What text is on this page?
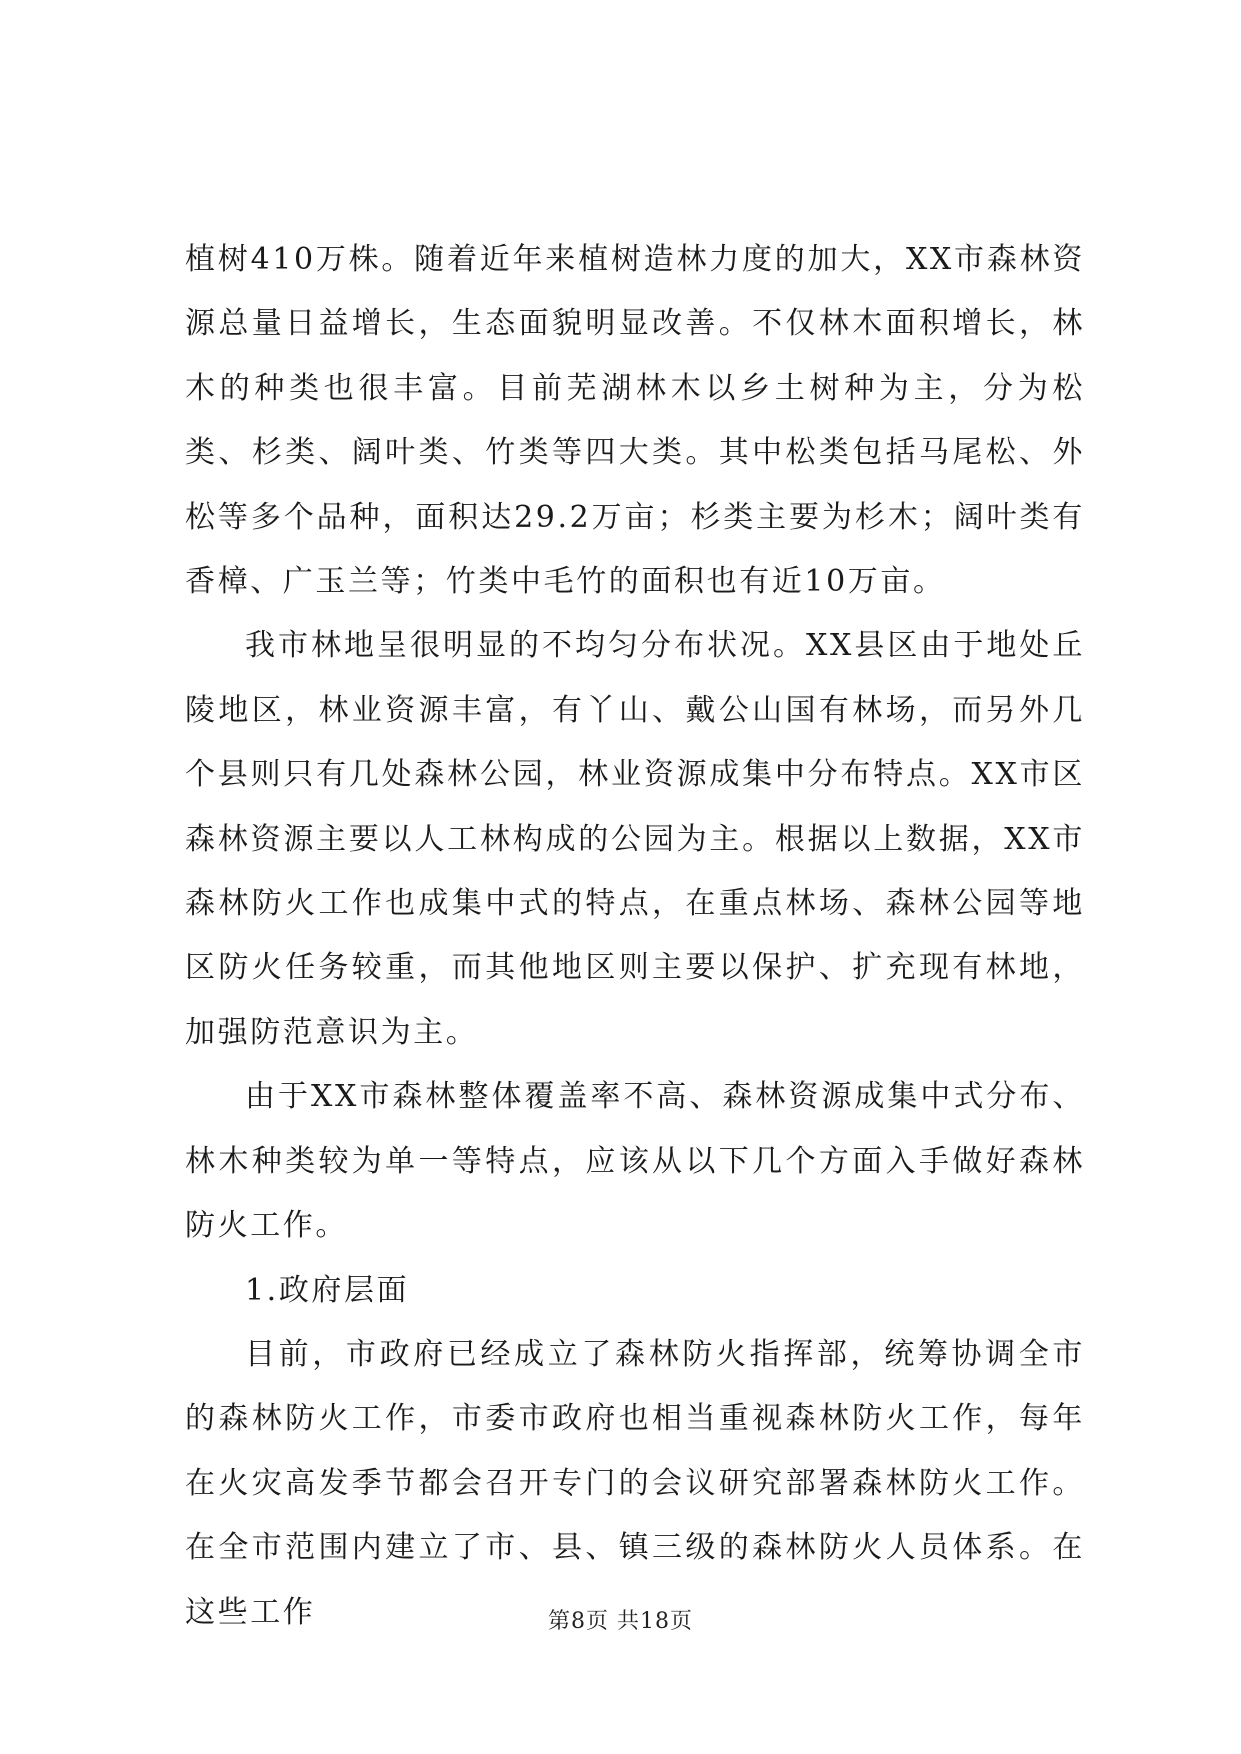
植树410万株。随着近年来植树造林力度的加大，XX市森林资源总量日益增长，生态面貌明显改善。不仅林木面积增长，林木的种类也很丰富。目前芜湖林木以乡土树种为主，分为松类、杉类、阔叶类、竹类等四大类。其中松类包括马尾松、外松等多个品种，面积达29.2万亩；杉类主要为杉木；阔叶类有香樟、广玉兰等；竹类中毛竹的面积也有近10万亩。

我市林地呈很明显的不均匀分布状况。XX县区由于地处丘陵地区，林业资源丰富，有丫山、戴公山国有林场，而另外几个县则只有几处森林公园，林业资源成集中分布特点。XX市区森林资源主要以人工林构成的公园为主。根据以上数据，XX市森林防火工作也成集中式的特点，在重点林场、森林公园等地区防火任务较重，而其他地区则主要以保护、扩充现有林地，加强防范意识为主。

由于XX市森林整体覆盖率不高、森林资源成集中式分布、林木种类较为单一等特点，应该从以下几个方面入手做好森林防火工作。

1.政府层面

目前，市政府已经成立了森林防火指挥部，统筹协调全市的森林防火工作，市委市政府也相当重视森林防火工作，每年在火灾高发季节都会召开专门的会议研究部署森林防火工作。在全市范围内建立了市、县、镇三级的森林防火人员体系。在这些工作	第8页 共18页
